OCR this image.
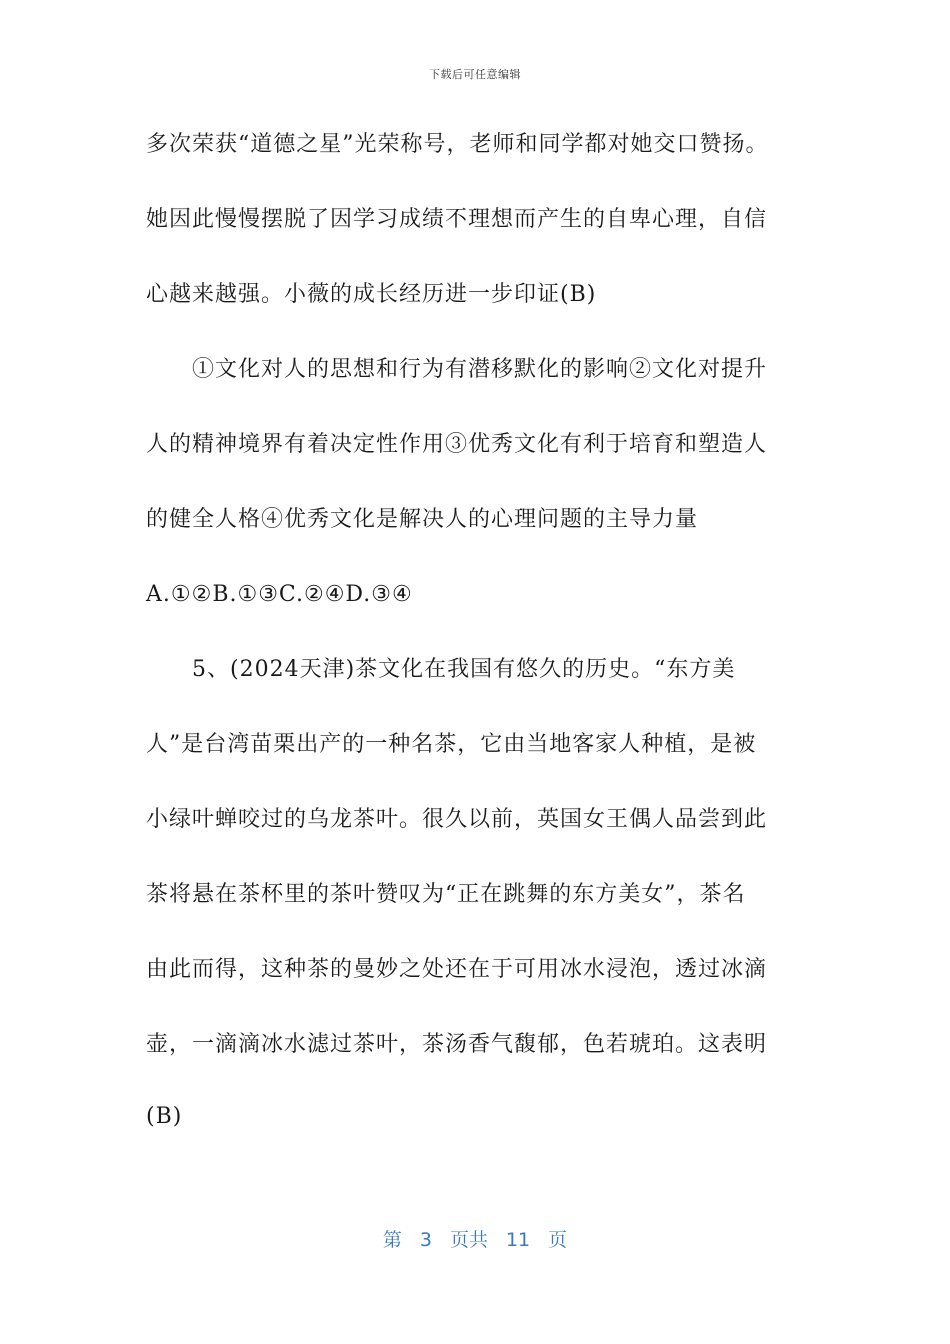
下载后可任意编辑
多次荣获“道德之星”光荣称号，老师和同学都对她交口赞扬。
她因此慢慢摆脱了因学习成绩不理想而产生的自卑心理，自信
心越来越强。小薇的成长经历进一步印证(B)
①文化对人的思想和行为有潜移默化的影响②文化对提升
人的精神境界有着决定性作用③优秀文化有利于培育和塑造人
的健全人格④优秀文化是解决人的心理问题的主导力量
A.①②B.①③C.②④D.③④
5、(2024天津)茶文化在我国有悠久的历史。“东方美
人”是台湾苗栗出产的一种名茶，它由当地客家人种植，是被
小绿叶蝉咬过的乌龙茶叶。很久以前，英国女王偶人品尝到此
茶将悬在茶杯里的茶叶赞叹为“正在跳舞的东方美女”，茶名
由此而得，这种茶的曼妙之处还在于可用冰水浸泡，透过冰滴
壶，一滴滴冰水滤过茶叶，茶汤香气馥郁，色若琥珀。这表明
(B)
第 3 页共 11 页
